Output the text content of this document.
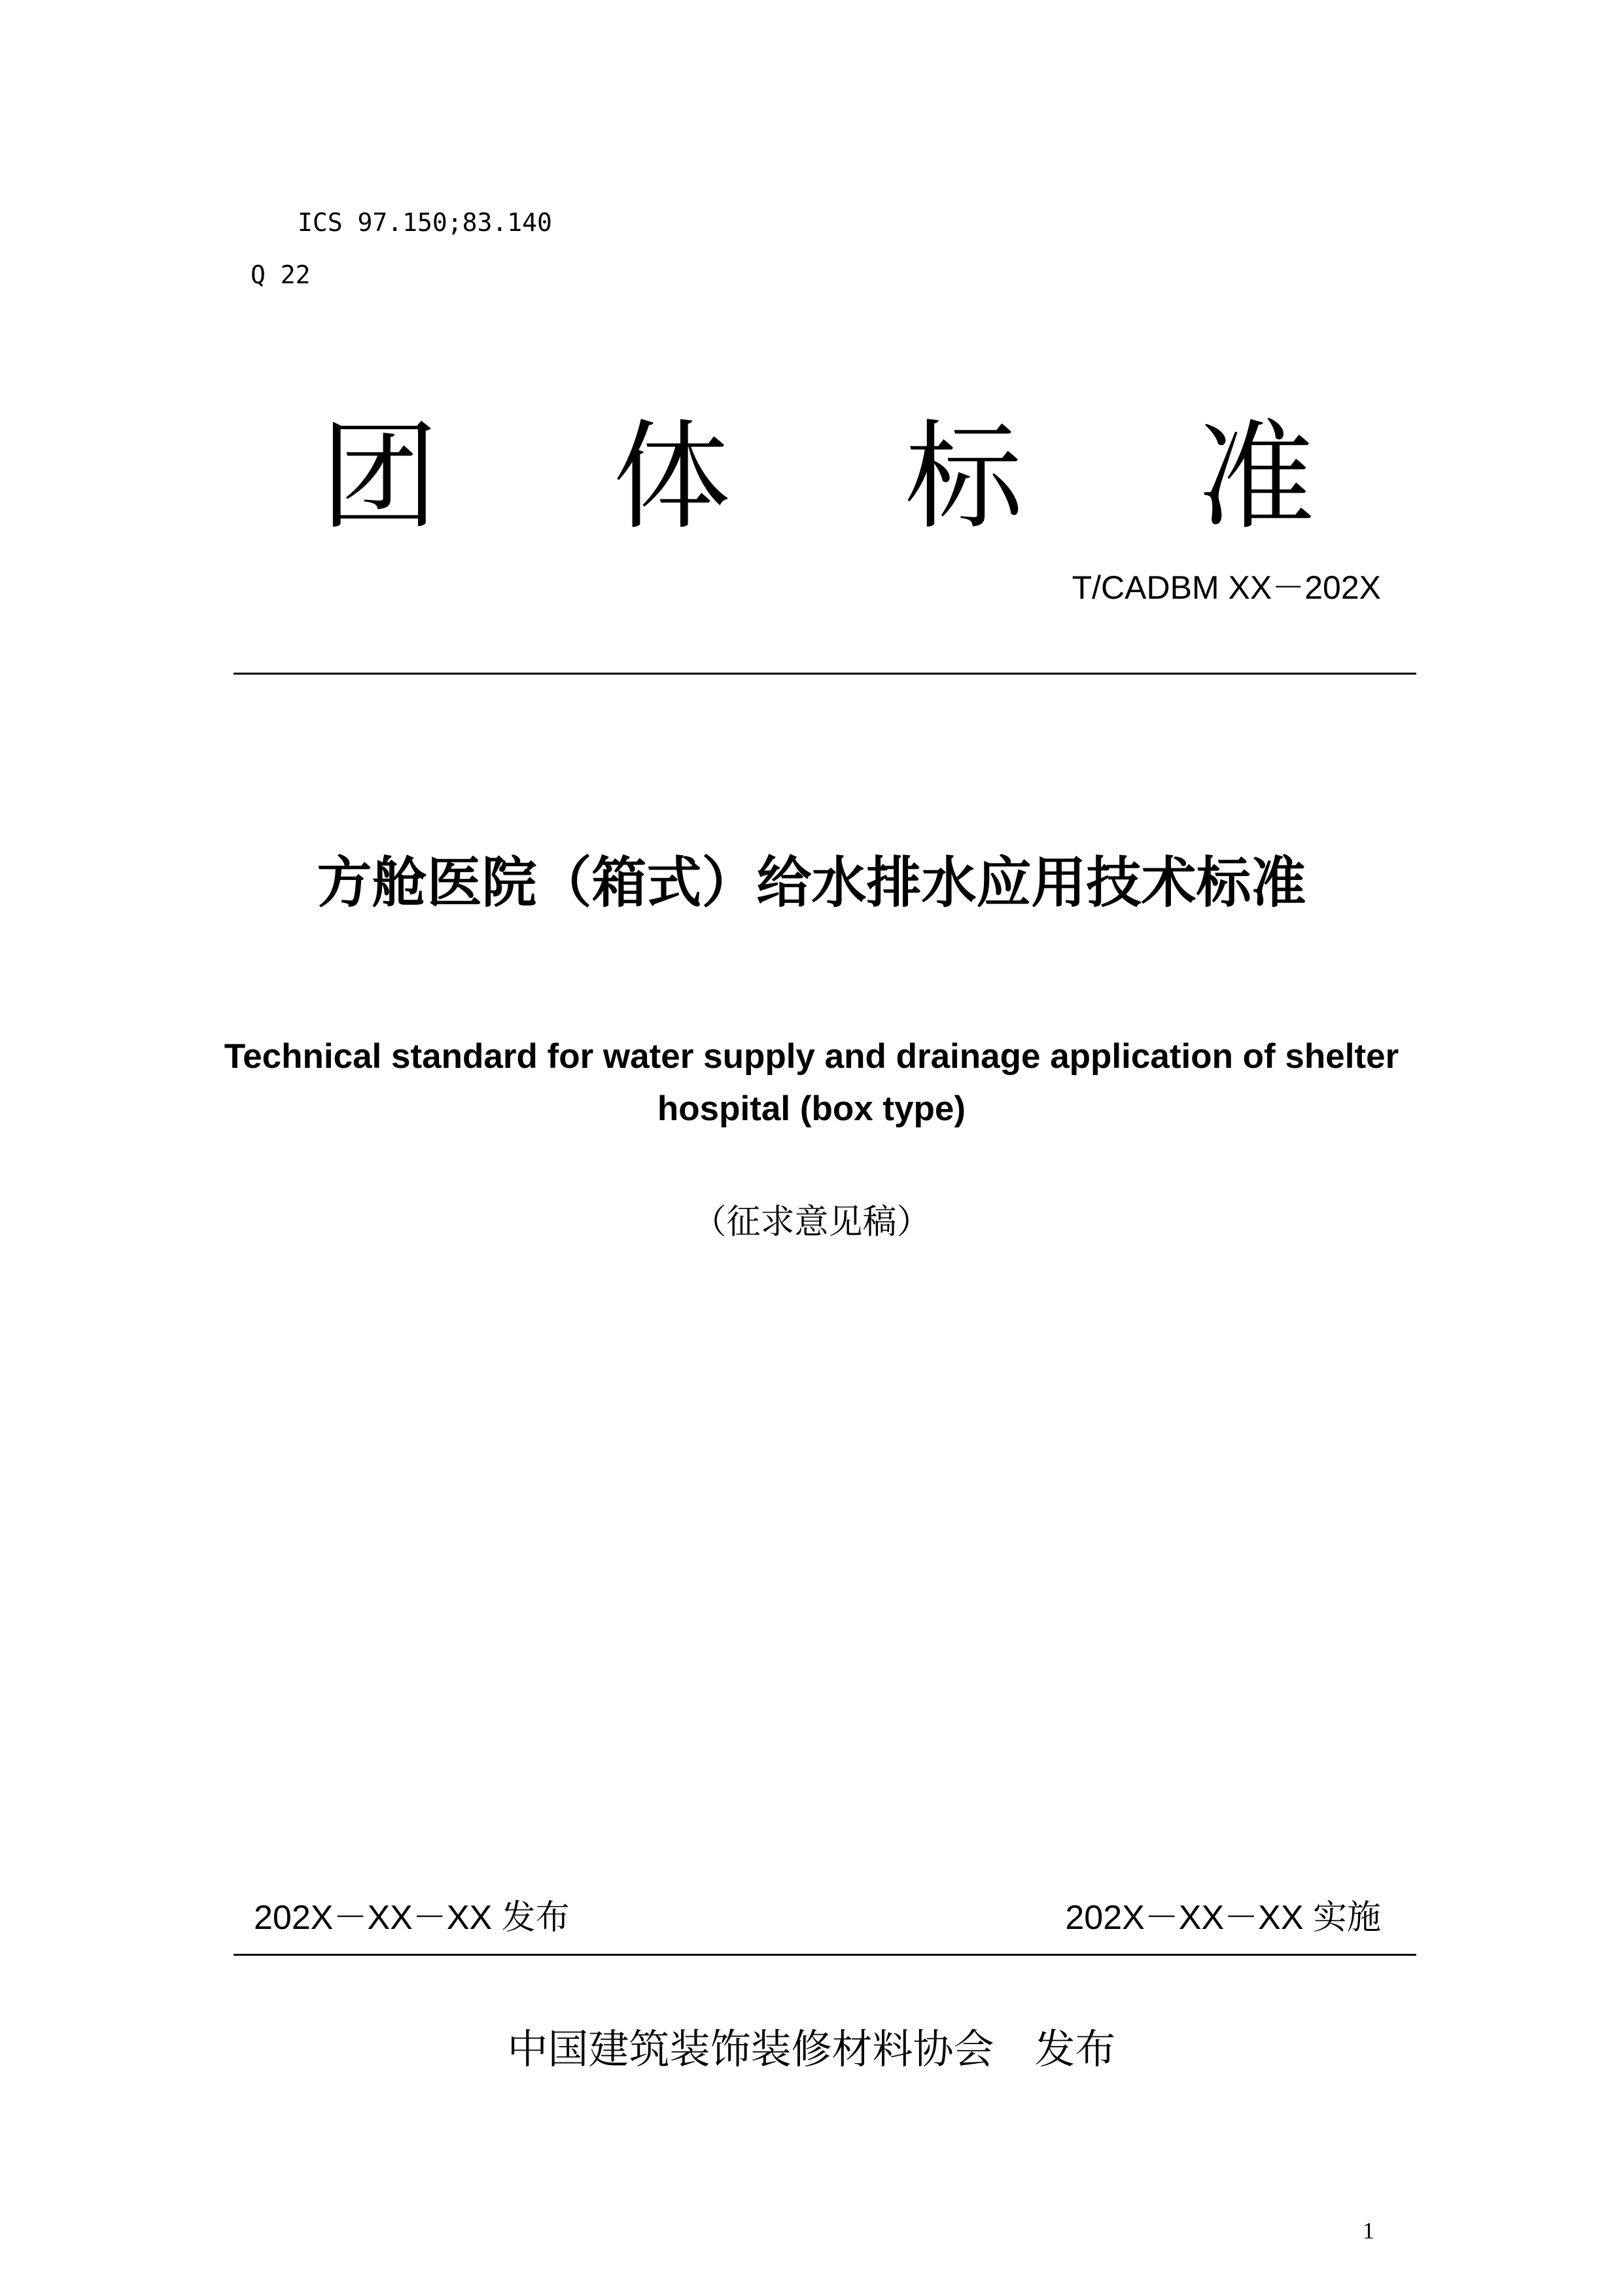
ICS 97.150;83.140
Q 22
团 体 标 准
T/CADBM XX－202X
方舱医院（箱式）给水排水应用技术标准
Technical standard for water supply and drainage application of shelter
hospital (box type)
（征求意见稿）
202X－XX－XX 发布	202X－XX－XX 实施
中国建筑装饰装修材料协会　发布
1
